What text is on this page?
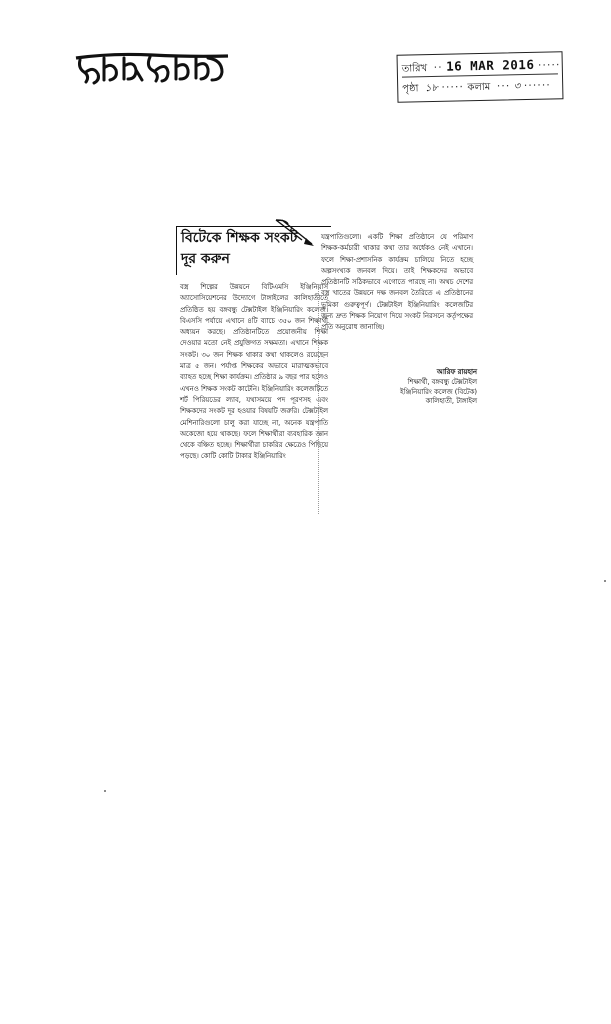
তারিখ ·· 16 MAR 2016 ·····
পৃষ্ঠা ১৮ ····· কলাম ··· ৩ ······
বিটেকে শিক্ষক সংকট
দূর করুন

বস্ত্র শিল্পের উন্নয়নে বিটিএমসি ইঞ্জিনিয়ার্স অ্যাসোসিয়েশনের উদ্যোগে টাঙ্গাইলের কালিহাতীতে প্রতিষ্ঠিত হয় বঙ্গবন্ধু টেক্সটাইল ইঞ্জিনিয়ারিং কলেজ। বিএসসি পর্যায়ে এখানে ৪টি ব্যাচে ৩৫০ জন শিক্ষার্থী অধ্যয়ন করছে। প্রতিষ্ঠানটিতে প্রয়োজনীয় শিক্ষা দেওয়ার মতো নেই প্রযুক্তিগত সক্ষমতা। এখানে শিক্ষক সংকট। ৩০ জন শিক্ষক থাকার কথা থাকলেও রয়েছেন মাত্র ৫ জন। পর্যাপ্ত শিক্ষকের অভাবে মারাত্মকভাবে ব্যাহত হচ্ছে শিক্ষা কার্যক্রম। প্রতিষ্ঠার ৯ বছর পার হলেও এখনও শিক্ষক সংকট কাটেনি। ইঞ্জিনিয়ারিং কলেজটিতে শর্ট পিরিয়ডের ল্যাব, যথাসময়ে পদ পূরণসহ এবং শিক্ষকদের সংকট দূর হওয়ার বিষয়টি জরুরি। টেক্সটাইল মেশিনারিগুলো চালু করা যাচ্ছে না, অনেক যন্ত্রপাতি অকেজো হয়ে থাকছে। ফলে শিক্ষার্থীরা ব্যবহারিক জ্ঞান থেকে বঞ্চিত হচ্ছে। শিক্ষার্থীরা চাকরির ক্ষেত্রেও পিছিয়ে পড়ছে। কোটি কোটি টাকার ইঞ্জিনিয়ারিং

যন্ত্রপাতিগুলো। একটি শিক্ষা প্রতিষ্ঠানে যে পরিমাণ শিক্ষক-কর্মচারী থাকার কথা তার অর্ধেকও নেই এখানে। ফলে শিক্ষা-প্রশাসনিক কার্যক্রম চালিয়ে নিতে হচ্ছে অল্পসংখ্যক জনবল দিয়ে। তাই শিক্ষকদের অভাবে প্রতিষ্ঠানটি সঠিকভাবে এগোতে পারছে না। অথচ দেশের বস্ত্র খাতের উন্নয়নে দক্ষ জনবল তৈরিতে এ প্রতিষ্ঠানের ভূমিকা গুরুত্বপূর্ণ। টেক্সটাইল ইঞ্জিনিয়ারিং কলেজটির জন্য দ্রুত শিক্ষক নিয়োগ দিয়ে সংকট নিরসনে কর্তৃপক্ষের প্রতি অনুরোধ জানাচ্ছি।

আরিফ রায়হান
শিক্ষার্থী, বঙ্গবন্ধু টেক্সটাইল
ইঞ্জিনিয়ারিং কলেজ (বিটেক)
কালিহাতী, টাঙ্গাইল
